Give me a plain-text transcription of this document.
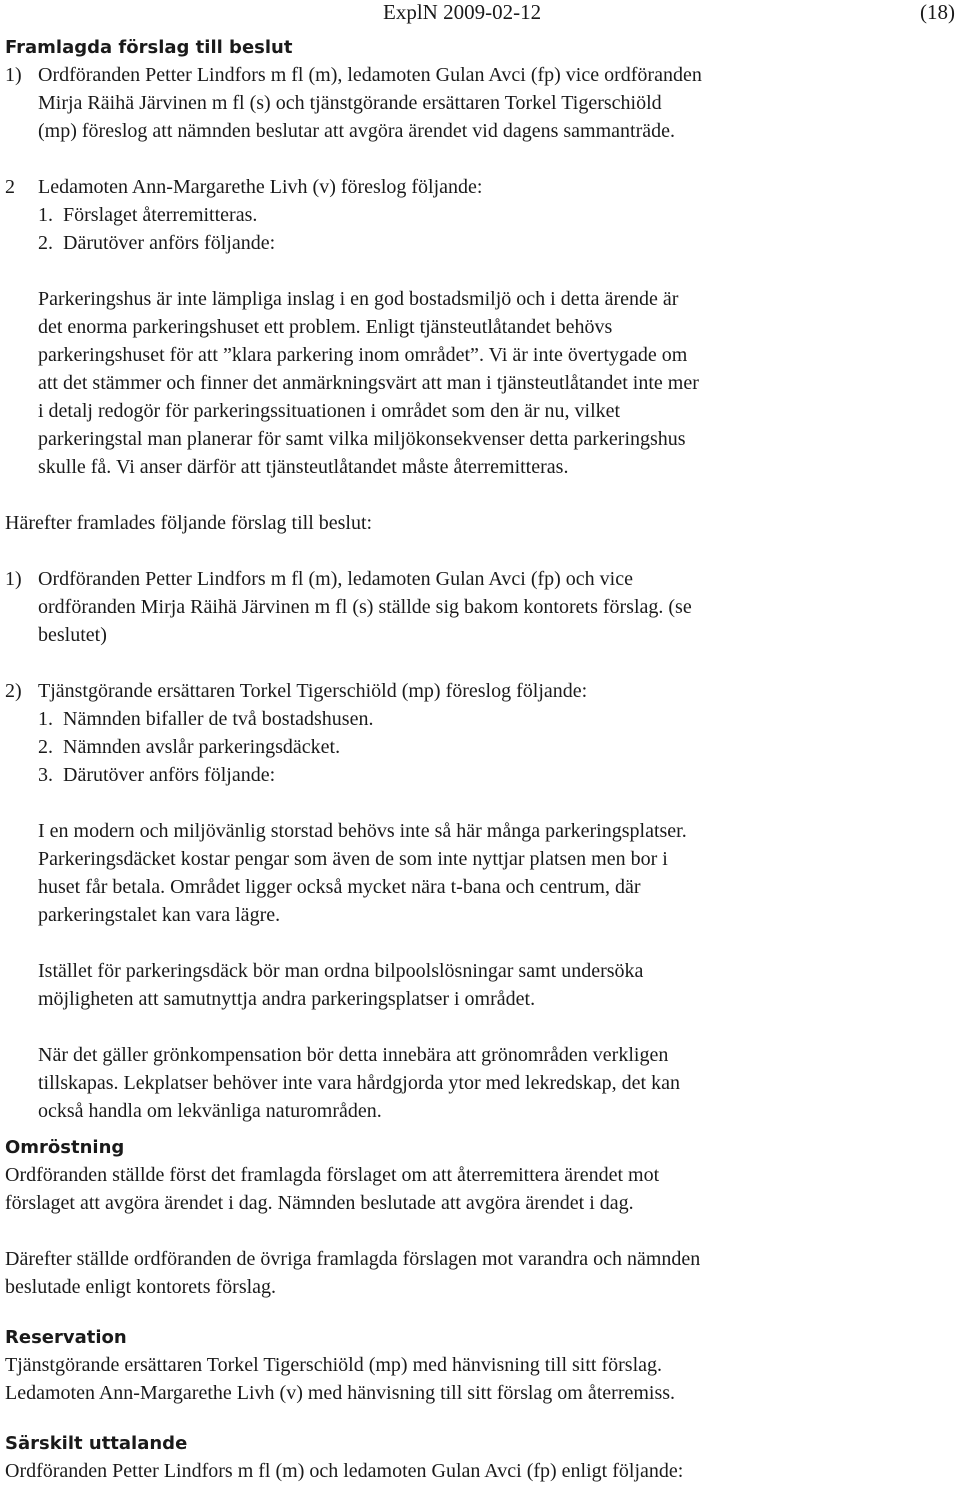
ExplN 2009-02-12	(18)
Framlagda förslag till beslut
1) Ordföranden Petter Lindfors m fl (m), ledamoten Gulan Avci (fp) vice ordföranden

Mirja Räihä Järvinen m fl (s) och tjänstgörande ersättaren Torkel Tigerschiöld

(mp) föreslog att nämnden beslutar att avgöra ärendet vid dagens sammanträde.

2	Ledamoten Ann-Margarethe Livh (v) föreslog följande:

1.  Förslaget återremitteras.

2.  Därutöver anförs följande:

Parkeringshus är inte lämpliga inslag i en god bostadsmiljö och i detta ärende är

det enorma parkeringshuset ett problem. Enligt tjänsteutlåtandet behövs

parkeringshuset för att ”klara parkering inom området”. Vi är inte övertygade om

att det stämmer och finner det anmärkningsvärt att man i tjänsteutlåtandet inte mer

i detalj redogör för parkeringssituationen i området som den är nu, vilket

parkeringstal man planerar för samt vilka miljökonsekvenser detta parkeringshus

skulle få. Vi anser därför att tjänsteutlåtandet måste återremitteras.

Härefter framlades följande förslag till beslut:

1) Ordföranden Petter Lindfors m fl (m), ledamoten Gulan Avci (fp) och vice

ordföranden Mirja Räihä Järvinen m fl (s) ställde sig bakom kontorets förslag. (se

beslutet)

2) Tjänstgörande ersättaren Torkel Tigerschiöld (mp) föreslog följande:

1.  Nämnden bifaller de två bostadshusen.

2.  Nämnden avslår parkeringsdäcket.

3.  Därutöver anförs följande:

I en modern och miljövänlig storstad behövs inte så här många parkeringsplatser.

Parkeringsdäcket kostar pengar som även de som inte nyttjar platsen men bor i

huset får betala. Området ligger också mycket nära t-bana och centrum, där

parkeringstalet kan vara lägre.

Istället för parkeringsdäck bör man ordna bilpoolslösningar samt undersöka

möjligheten att samutnyttja andra parkeringsplatser i området.

När det gäller grönkompensation bör detta innebära att grönområden verkligen

tillskapas. Lekplatser behöver inte vara hårdgjorda ytor med lekredskap, det kan

också handla om lekvänliga naturområden.

Omröstning

Ordföranden ställde först det framlagda förslaget om att återremittera ärendet mot

förslaget att avgöra ärendet i dag. Nämnden beslutade att avgöra ärendet i dag.

Därefter ställde ordföranden de övriga framlagda förslagen mot varandra och nämnden

beslutade enligt kontorets förslag.

Reservation

Tjänstgörande ersättaren Torkel Tigerschiöld (mp) med hänvisning till sitt förslag.

Ledamoten Ann-Margarethe Livh (v) med hänvisning till sitt förslag om återremiss.

Särskilt uttalande

Ordföranden Petter Lindfors m fl (m) och ledamoten Gulan Avci (fp) enligt följande:
